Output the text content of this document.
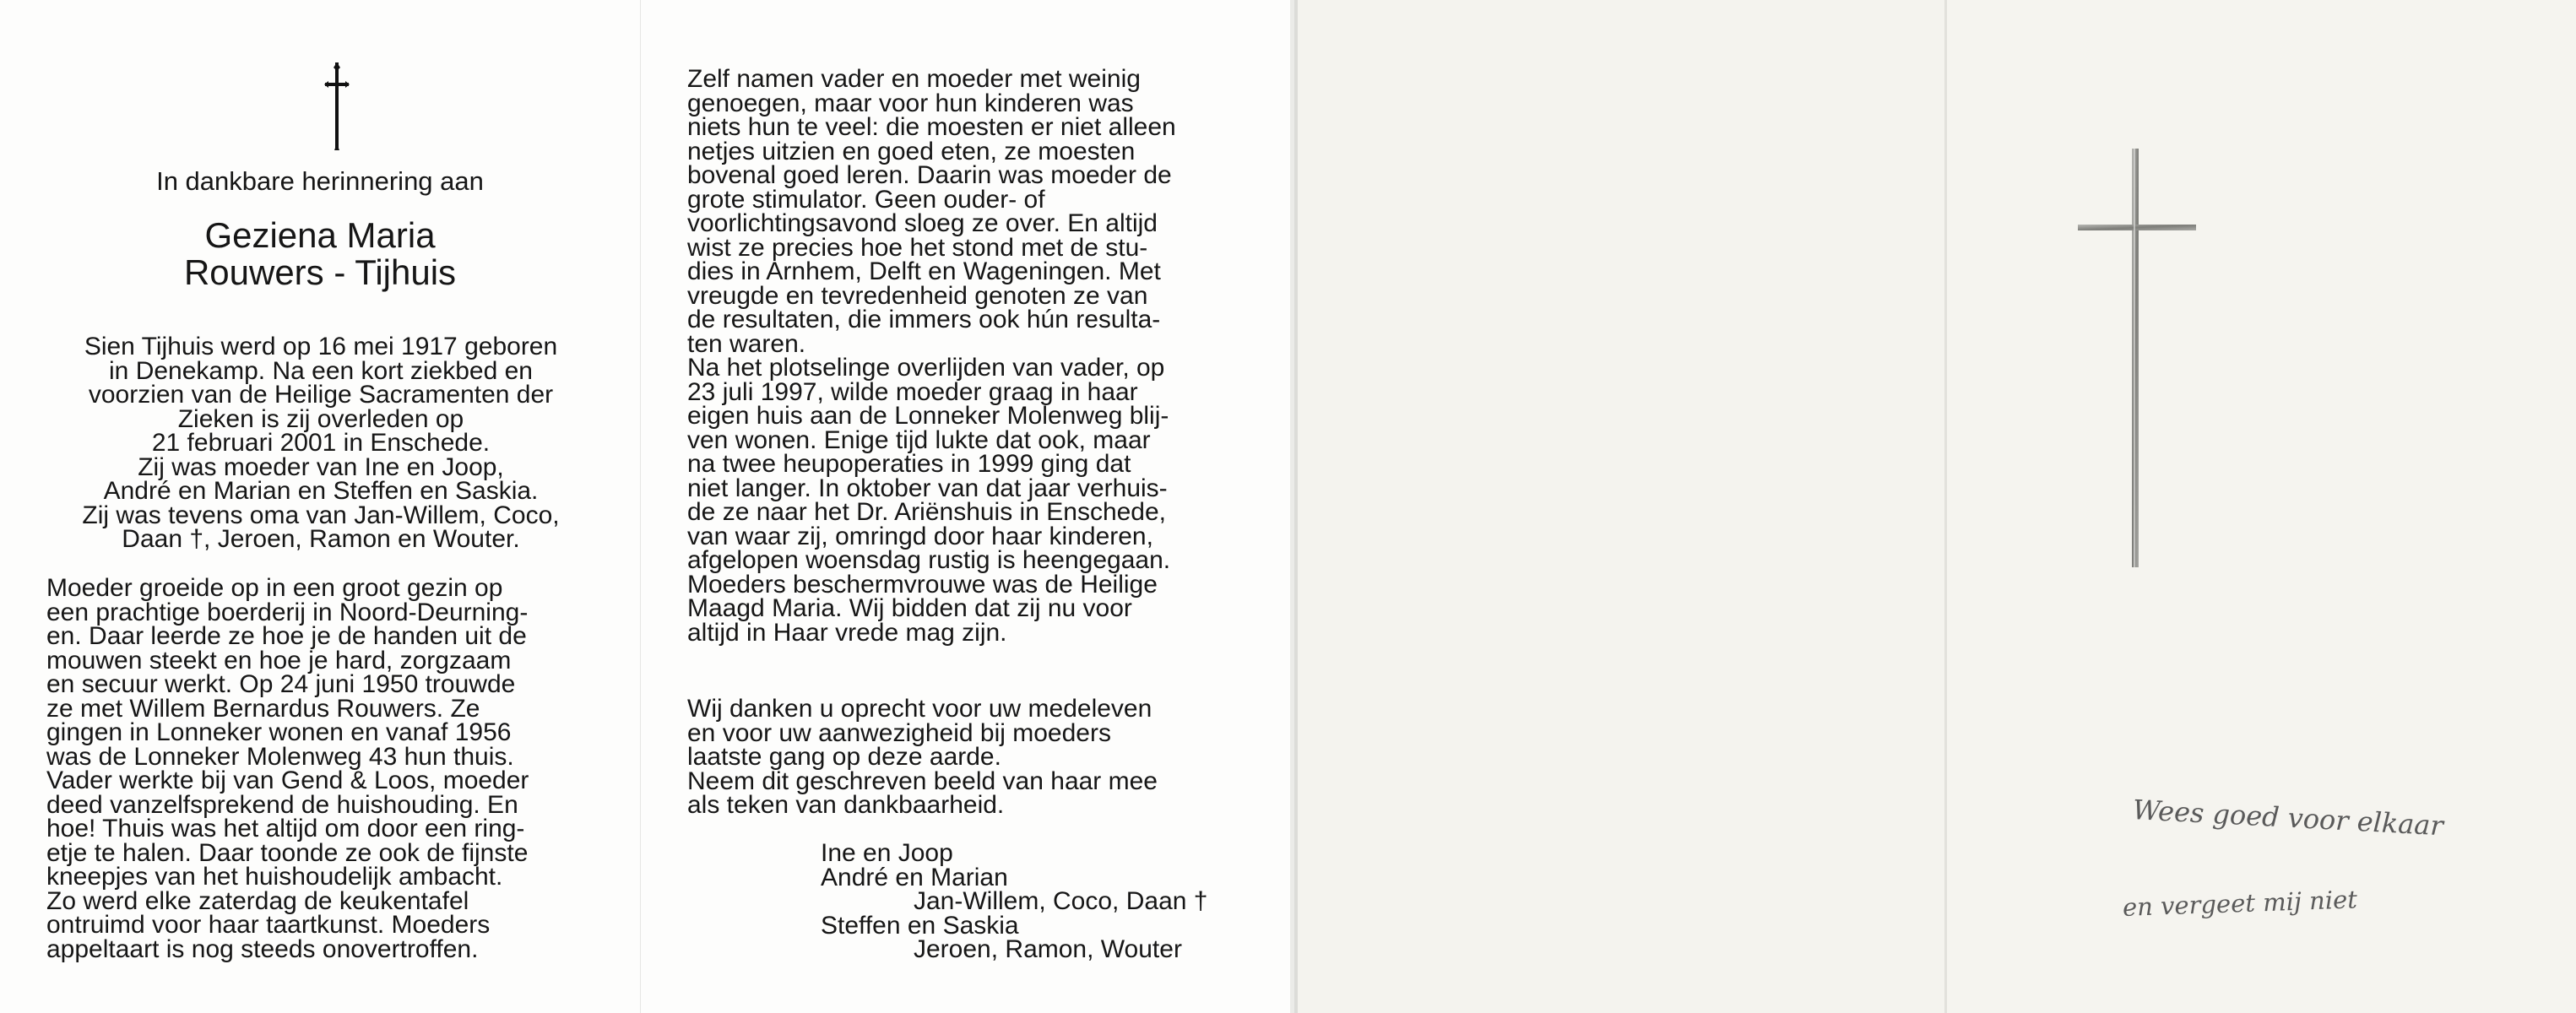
In dankbare herinnering aan
Geziena Maria
Rouwers - Tijhuis
Sien Tijhuis werd op 16 mei 1917 geboren
in Denekamp. Na een kort ziekbed en
voorzien van de Heilige Sacramenten der
Zieken is zij overleden op
21 februari 2001 in Enschede.
Zij was moeder van Ine en Joop,
André en Marian en Steffen en Saskia.
Zij was tevens oma van Jan-Willem, Coco,
Daan †, Jeroen, Ramon en Wouter.
Moeder groeide op in een groot gezin op
een prachtige boerderij in Noord-Deurning-
en. Daar leerde ze hoe je de handen uit de
mouwen steekt en hoe je hard, zorgzaam
en secuur werkt. Op 24 juni 1950 trouwde
ze met Willem Bernardus Rouwers. Ze
gingen in Lonneker wonen en vanaf 1956
was de Lonneker Molenweg 43 hun thuis.
Vader werkte bij van Gend & Loos, moeder
deed vanzelfsprekend de huishouding. En
hoe! Thuis was het altijd om door een ring-
etje te halen. Daar toonde ze ook de fijnste
kneepjes van het huishoudelijk ambacht.
Zo werd elke zaterdag de keukentafel
ontruimd voor haar taartkunst. Moeders
appeltaart is nog steeds onovertroffen.
Zelf namen vader en moeder met weinig
genoegen, maar voor hun kinderen was
niets hun te veel: die moesten er niet alleen
netjes uitzien en goed eten, ze moesten
bovenal goed leren. Daarin was moeder de
grote stimulator. Geen ouder- of
voorlichtingsavond sloeg ze over. En altijd
wist ze precies hoe het stond met de stu-
dies in Arnhem, Delft en Wageningen. Met
vreugde en tevredenheid genoten ze van
de resultaten, die immers ook hún resulta-
ten waren.
Na het plotselinge overlijden van vader, op
23 juli 1997, wilde moeder graag in haar
eigen huis aan de Lonneker Molenweg blij-
ven wonen. Enige tijd lukte dat ook, maar
na twee heupoperaties in 1999 ging dat
niet langer. In oktober van dat jaar verhuis-
de ze naar het Dr. Ariënshuis in Enschede,
van waar zij, omringd door haar kinderen,
afgelopen woensdag rustig is heengegaan.
Moeders beschermvrouwe was de Heilige
Maagd Maria. Wij bidden dat zij nu voor
altijd in Haar vrede mag zijn.
Wij danken u oprecht voor uw medeleven
en voor uw aanwezigheid bij moeders
laatste gang op deze aarde.
Neem dit geschreven beeld van haar mee
als teken van dankbaarheid.
Ine en Joop
André en Marian
Jan-Willem, Coco, Daan †
Steffen en Saskia
Jeroen, Ramon, Wouter
Wees goed voor elkaar
en vergeet mij niet
